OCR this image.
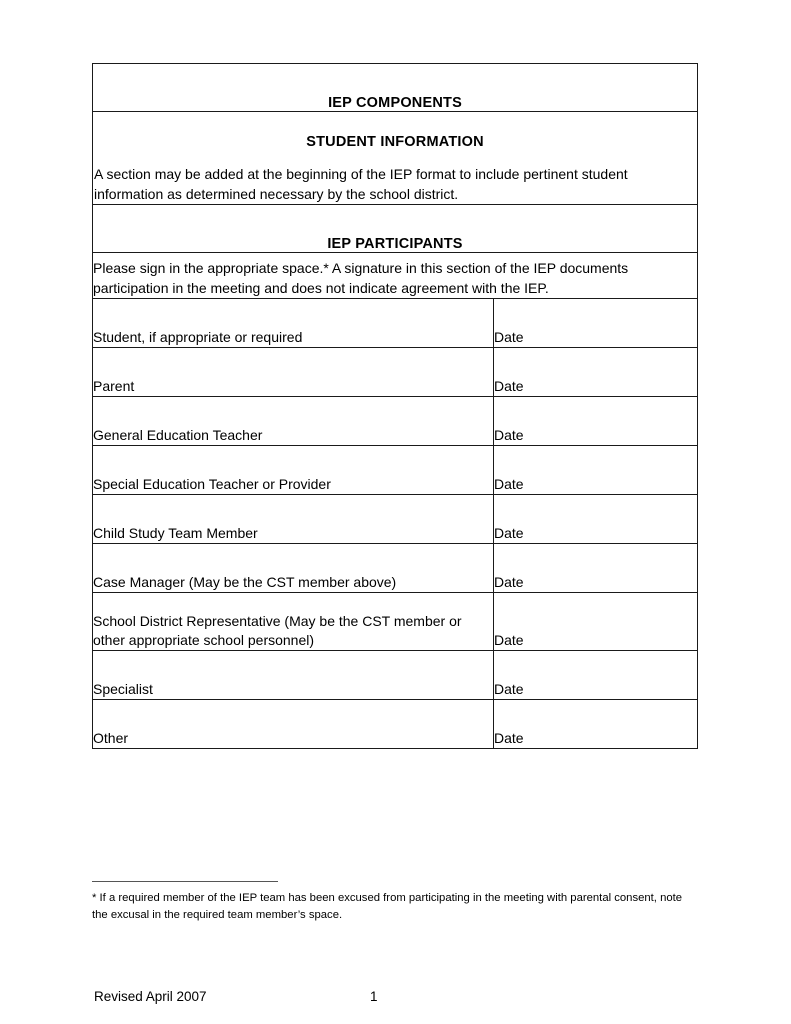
IEP COMPONENTS	

STUDENT INFORMATION
A section may be added at the beginning of the IEP format to include pertinent student information as determined necessary by the school district.	

IEP PARTICIPANTS	

Please sign in the appropriate space.* A signature in this section of the IEP documents participation in the meeting and does not indicate agreement with the IEP.	

Student, if appropriate or required	Date
Parent	Date
General Education Teacher	Date
Special Education Teacher or Provider	Date
Child Study Team Member	Date
Case Manager (May be the CST member above)	Date
School District Representative (May be the CST member or other appropriate school personnel)	Date
Specialist	Date
Other	Date
* If a required member of the IEP team has been excused from participating in the meeting with parental consent, note the excusal in the required team member’s space.
Revised April 2007	1
